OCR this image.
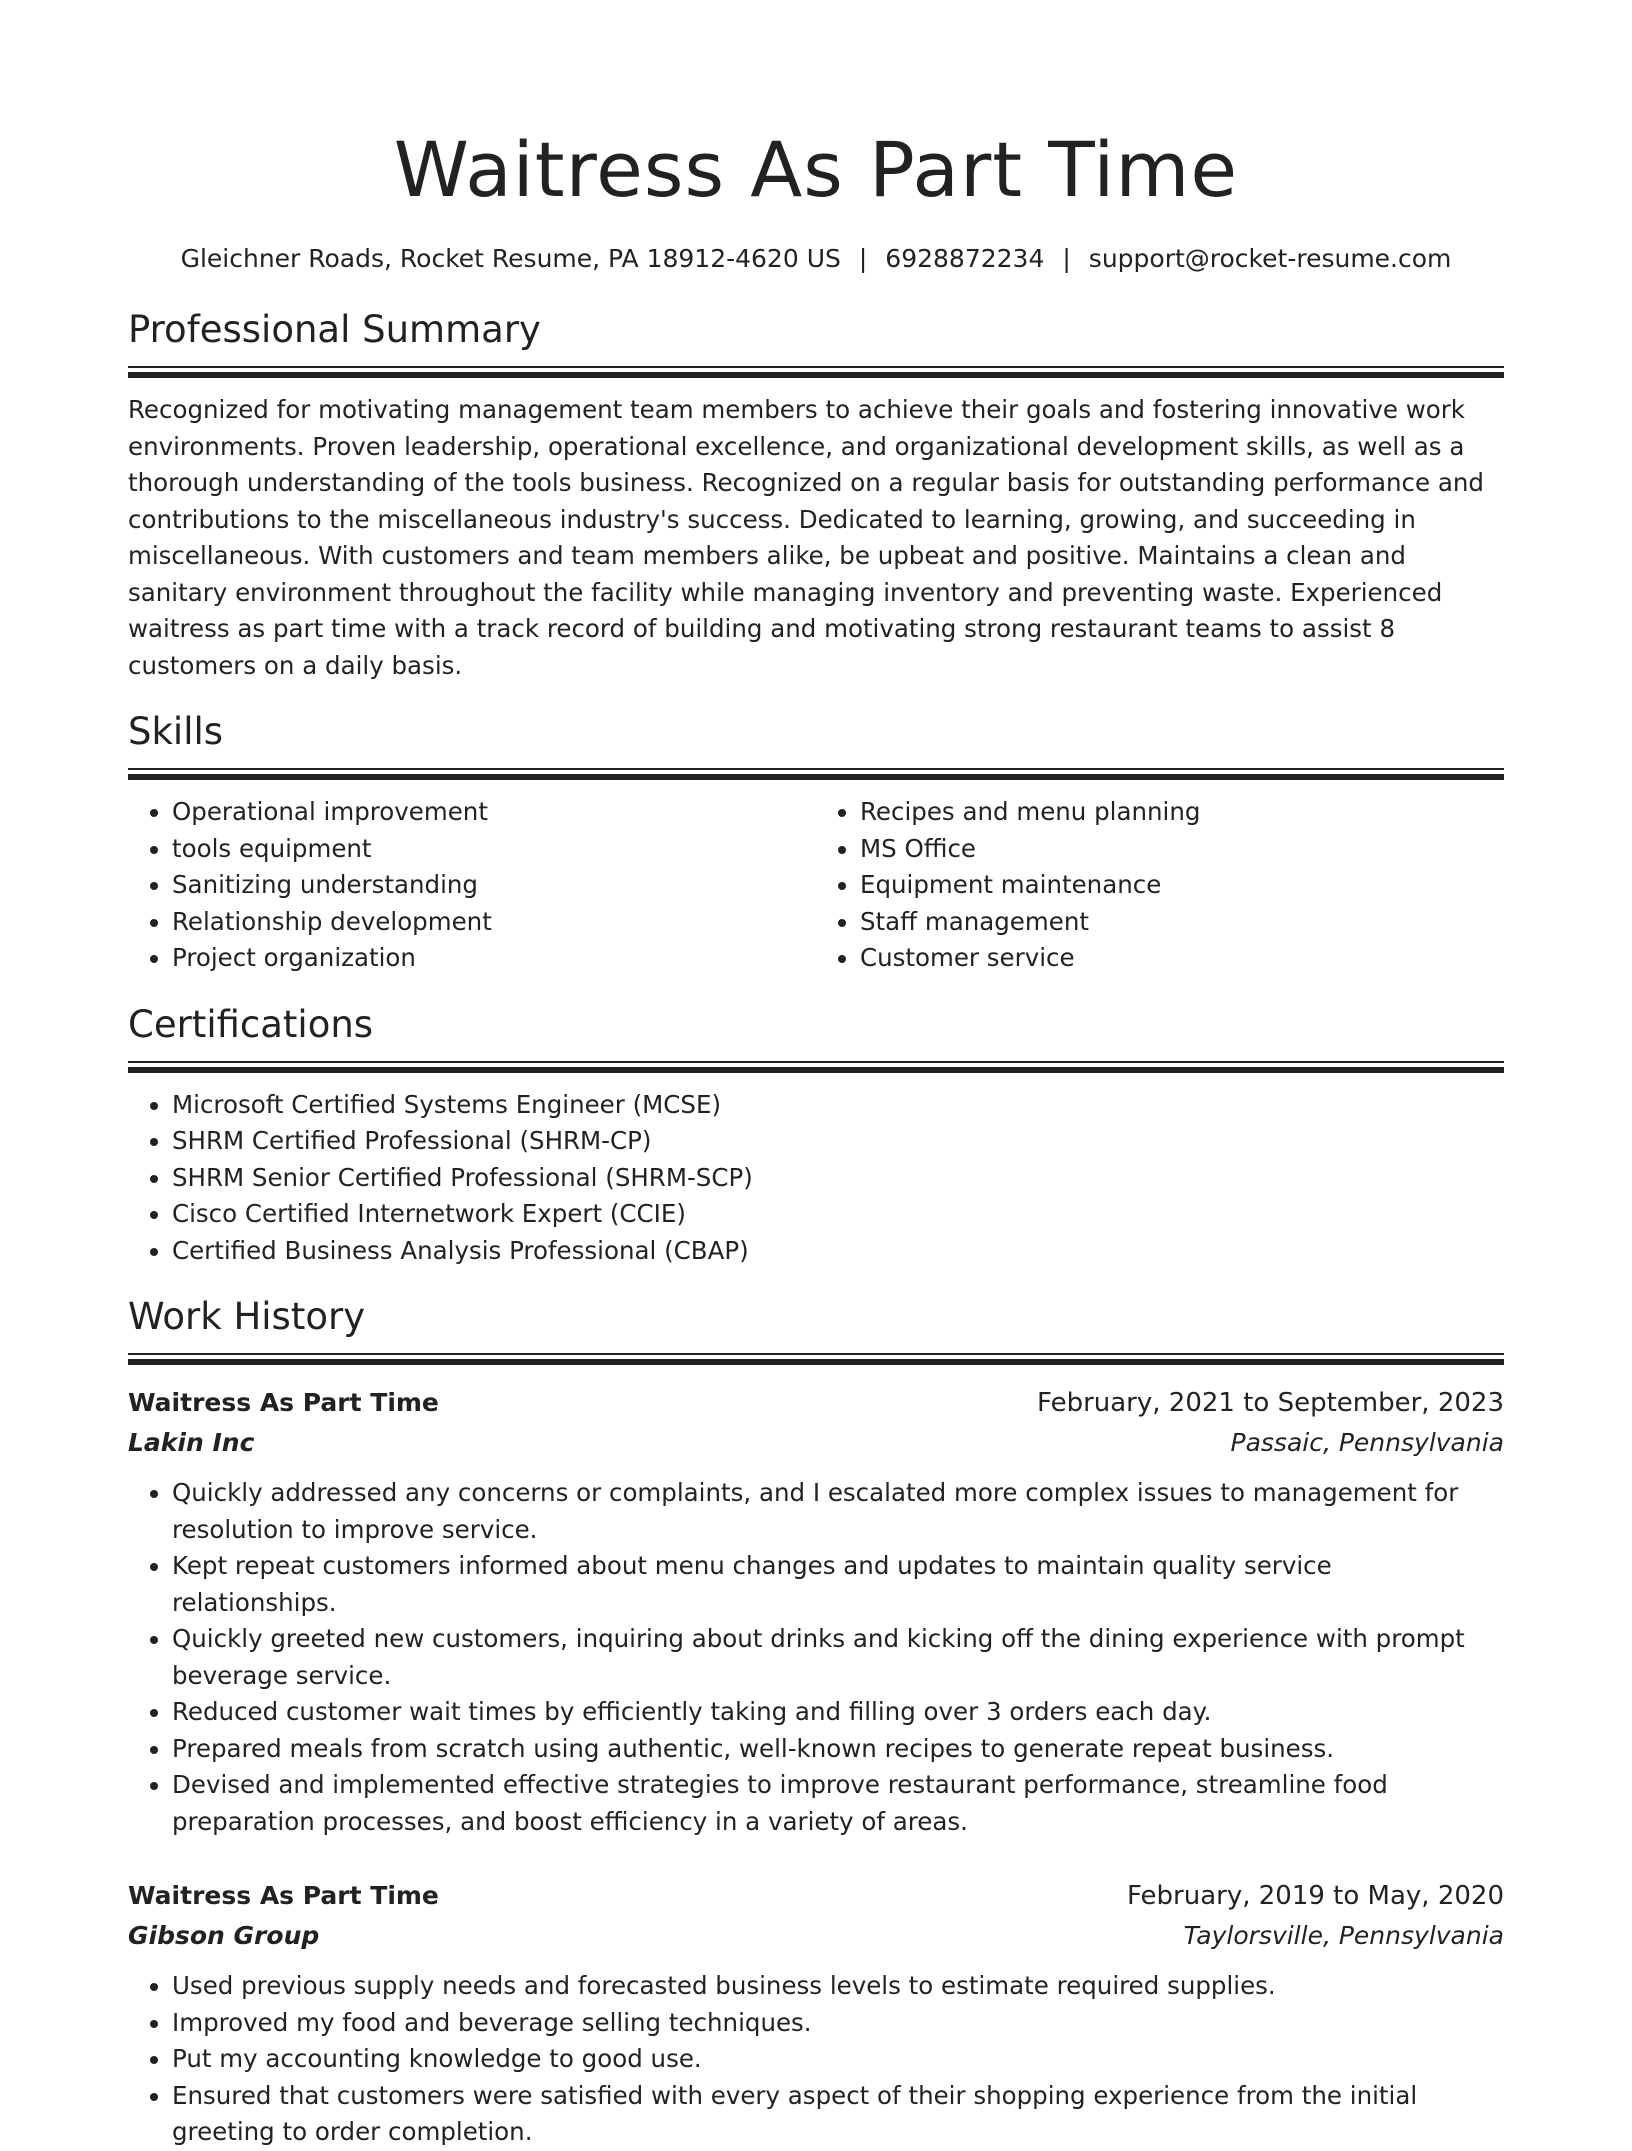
Waitress As Part Time
Gleichner Roads, Rocket Resume, PA 18912-4620 US | 6928872234 | support@rocket-resume.com
Professional Summary
Recognized for motivating management team members to achieve their goals and fostering innovative work environments. Proven leadership, operational excellence, and organizational development skills, as well as a thorough understanding of the tools business. Recognized on a regular basis for outstanding performance and contributions to the miscellaneous industry's success. Dedicated to learning, growing, and succeeding in miscellaneous. With customers and team members alike, be upbeat and positive. Maintains a clean and sanitary environment throughout the facility while managing inventory and preventing waste. Experienced waitress as part time with a track record of building and motivating strong restaurant teams to assist 8 customers on a daily basis.
Skills
• Operational improvement
• tools equipment
• Sanitizing understanding
• Relationship development
• Project organization
• Recipes and menu planning
• MS Office
• Equipment maintenance
• Staff management
• Customer service
Certifications
• Microsoft Certified Systems Engineer (MCSE)
• SHRM Certified Professional (SHRM-CP)
• SHRM Senior Certified Professional (SHRM-SCP)
• Cisco Certified Internetwork Expert (CCIE)
• Certified Business Analysis Professional (CBAP)
Work History
Waitress As Part Time	February, 2021 to September, 2023
Lakin Inc	Passaic, Pennsylvania
• Quickly addressed any concerns or complaints, and I escalated more complex issues to management for resolution to improve service.
• Kept repeat customers informed about menu changes and updates to maintain quality service relationships.
• Quickly greeted new customers, inquiring about drinks and kicking off the dining experience with prompt beverage service.
• Reduced customer wait times by efficiently taking and filling over 3 orders each day.
• Prepared meals from scratch using authentic, well-known recipes to generate repeat business.
• Devised and implemented effective strategies to improve restaurant performance, streamline food preparation processes, and boost efficiency in a variety of areas.
Waitress As Part Time	February, 2019 to May, 2020
Gibson Group	Taylorsville, Pennsylvania
• Used previous supply needs and forecasted business levels to estimate required supplies.
• Improved my food and beverage selling techniques.
• Put my accounting knowledge to good use.
• Ensured that customers were satisfied with every aspect of their shopping experience from the initial greeting to order completion.
